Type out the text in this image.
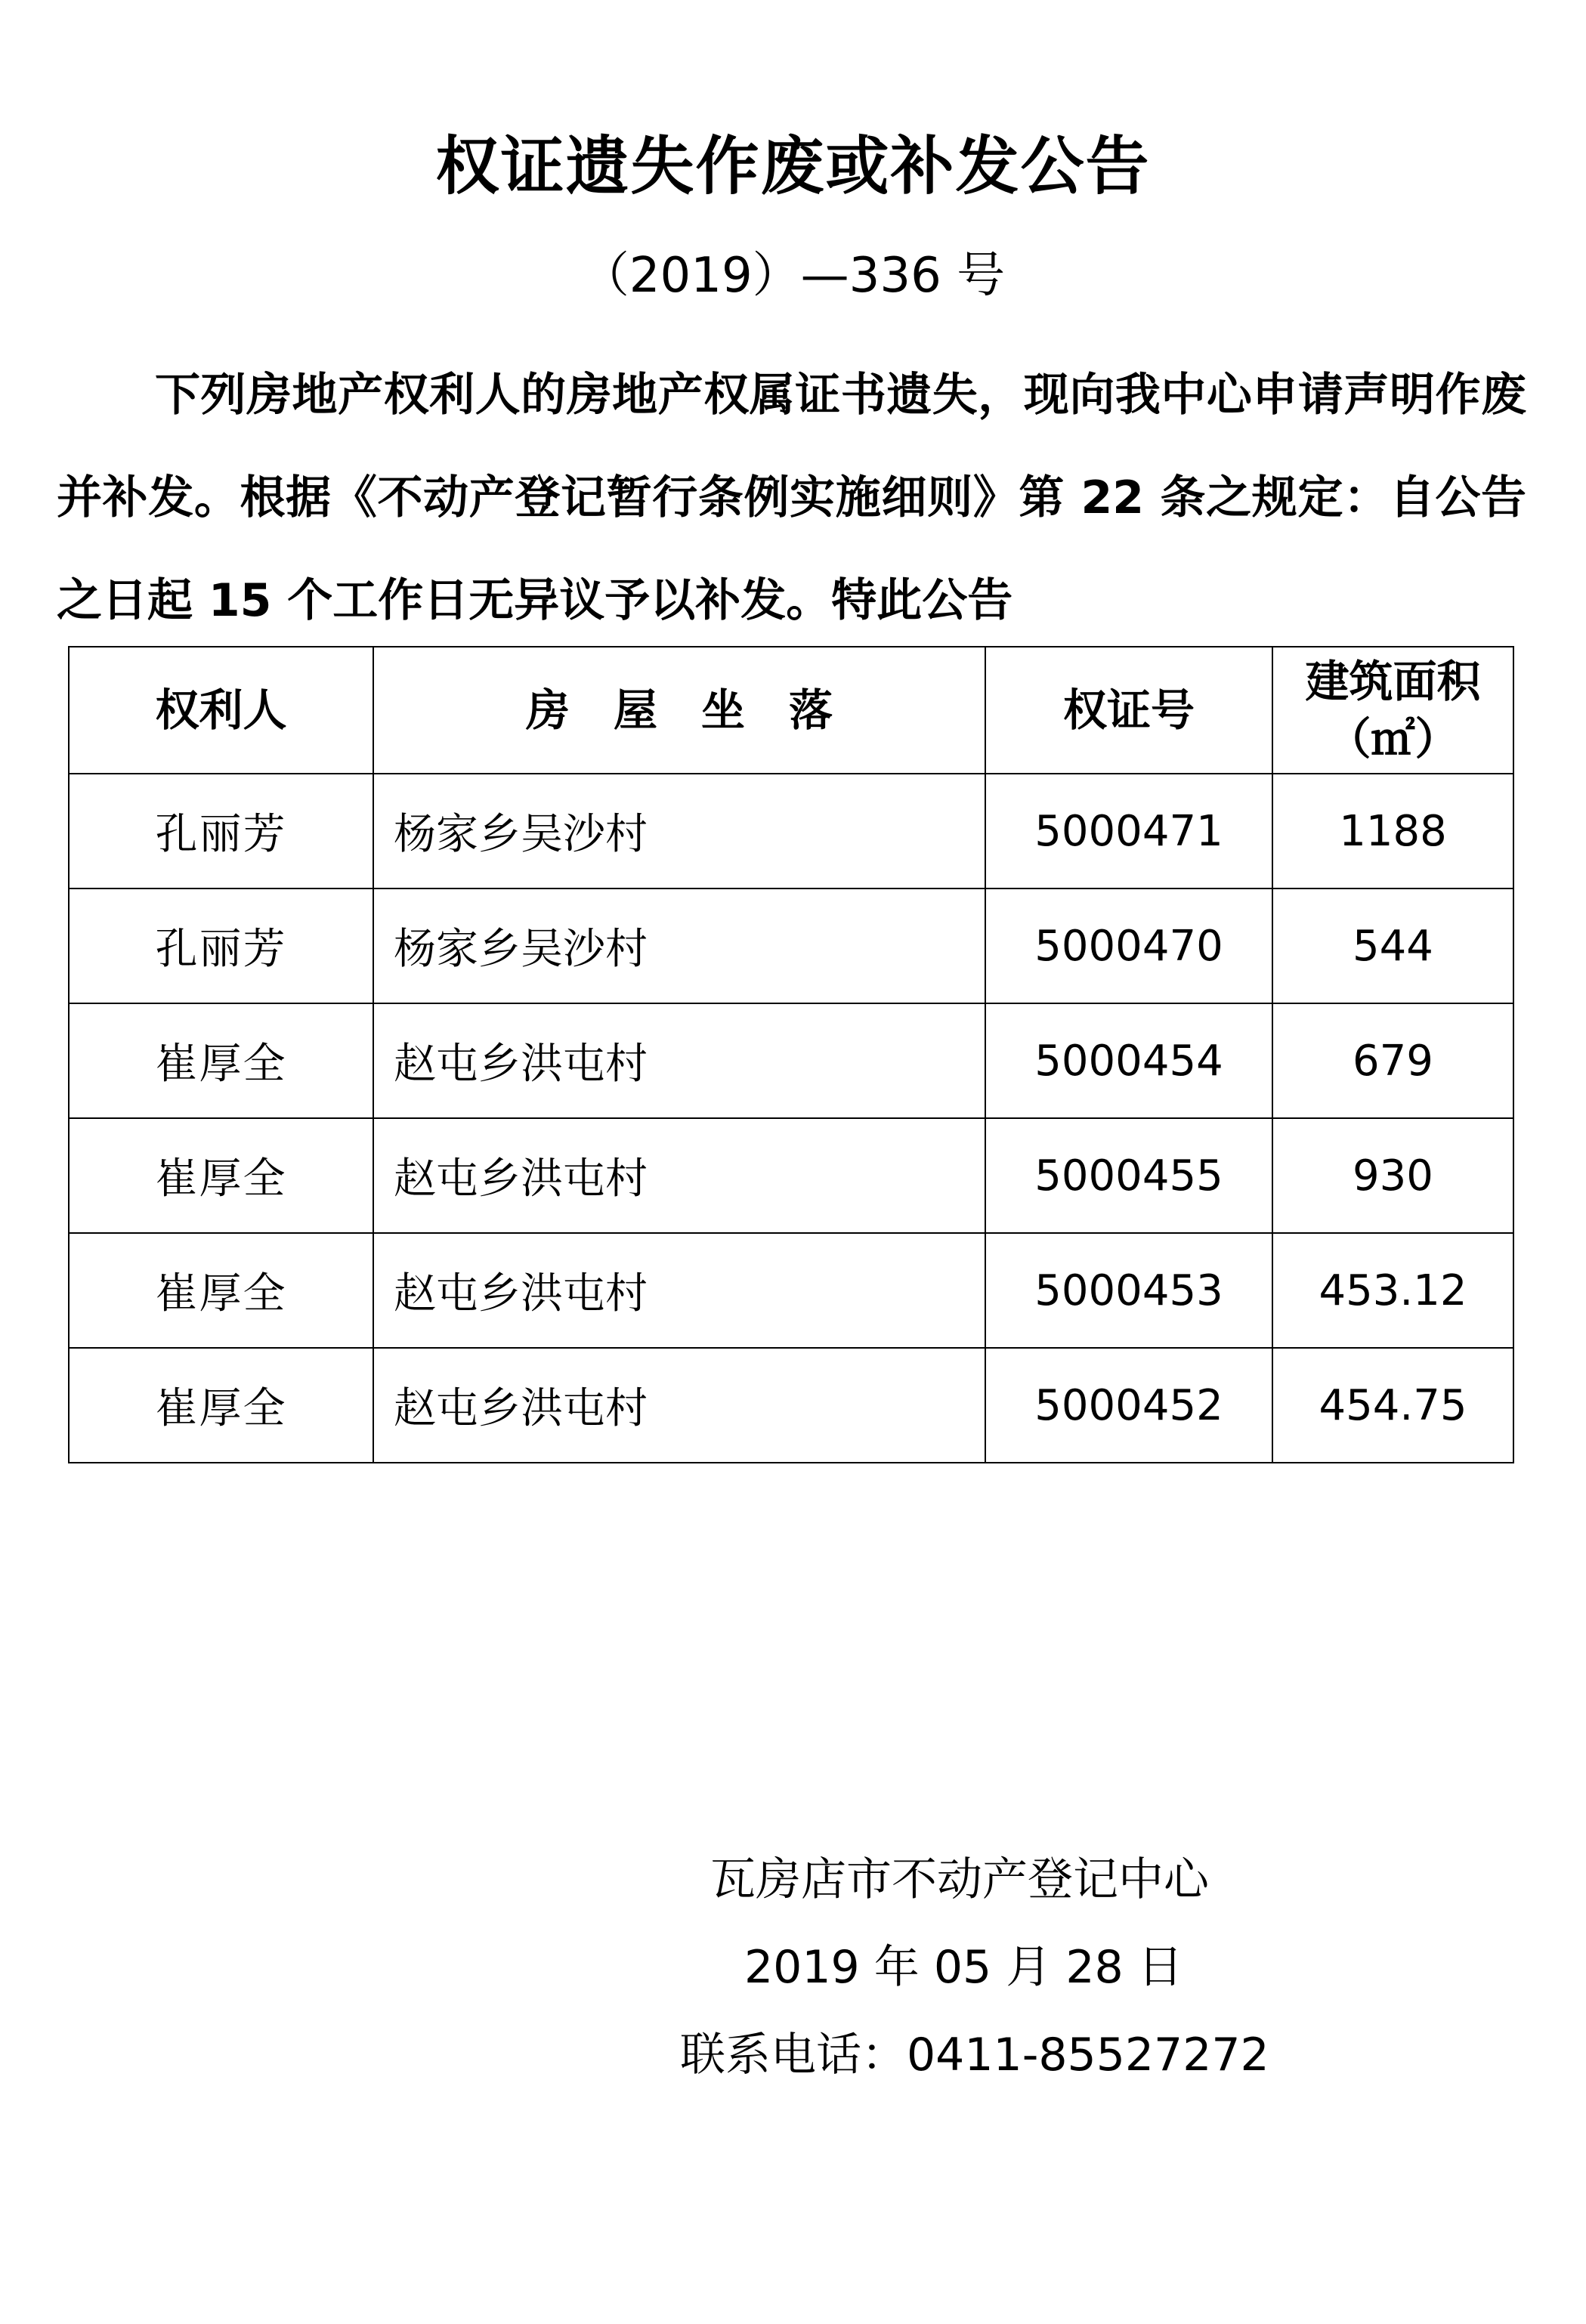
权证遗失作废或补发公告
（2019）—336 号
下列房地产权利人的房地产权属证书遗失，现向我中心申请声明作废并补发。根据《不动产登记暂行条例实施细则》第 22 条之规定：自公告之日起 15 个工作日无异议予以补发。特此公告
权利人	房　屋　坐　落	权证号	建筑面积
（㎡）

孔丽芳	杨家乡吴沙村	5000471	1188
孔丽芳	杨家乡吴沙村	5000470	544
崔厚全	赵屯乡洪屯村	5000454	679
崔厚全	赵屯乡洪屯村	5000455	930
崔厚全	赵屯乡洪屯村	5000453	453.12
崔厚全	赵屯乡洪屯村	5000452	454.75
瓦房店市不动产登记中心
2019 年 05 月 28 日
联系电话：0411-85527272
